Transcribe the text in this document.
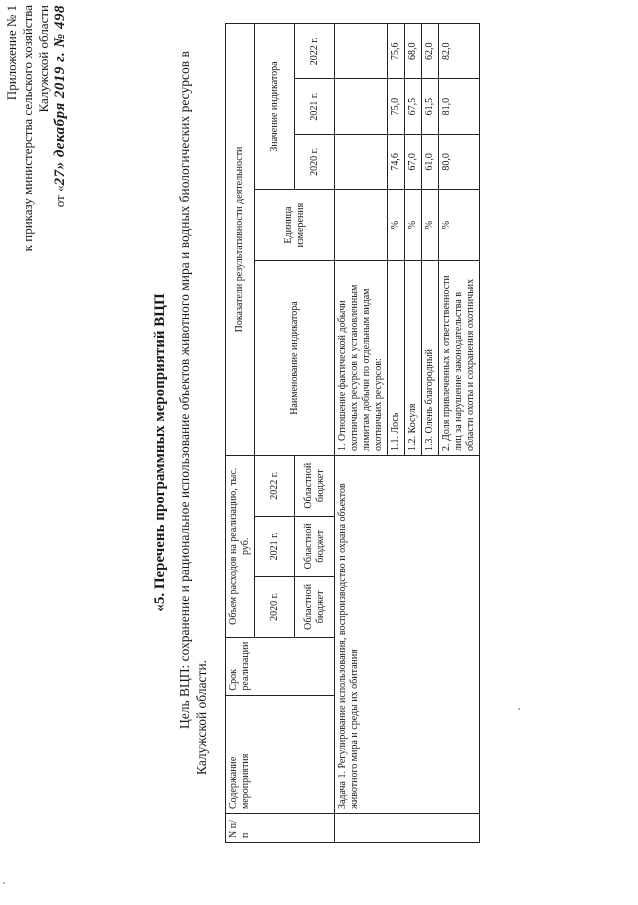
Приложение № 1 к приказу министерства сельского хозяйства Калужской области
от «27» декабря 2019 г. № 498
«5. Перечень программных мероприятий ВЦП Цель ВЦП: сохранение и рациональное использование объектов животного мира и водных биологических ресурсов в Калужской области.
N п/п	Содержание мероприятия	Срок реализации	Объем расходов на реализацию, тыс. руб.			Показатели результативности деятельности				
			2020 г.	2021 г.	2022 г.	Наименование индикатора	Единица измерения	Значение индикатора		
			Областной бюджет	Областной бюджет	Областной бюджет			2020 г.	2021 г.	2022 г.
	Задача 1. Регулирование использования, воспроизводство и охрана объектов животного мира и среды их обитания					1. Отношение фактической добычи охотничьих ресурсов к установленным лимитам добычи по отдельным видам охотничьих ресурсов:				
						1.1. Лось	%	74,6	75,0	75,6
						1.2. Косуля	%	67,0	67,5	68,0
						1.3. Олень благородный	%	61,0	61,5	62,0
						2. Доля привлеченных к ответственности лиц за нарушение законодательства в области охоты и сохранения охотничьих	%	80,0	81,0	82,0
